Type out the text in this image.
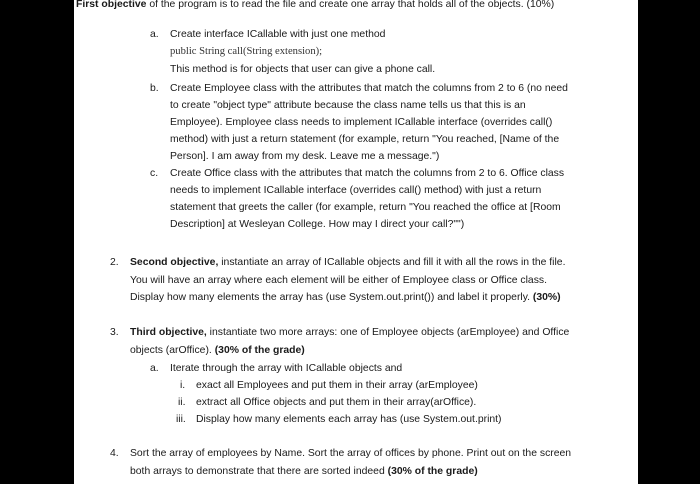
First objective of the program is to read the file and create one array that holds all of the objects. (10%)
a. Create interface ICallable with just one method
public String call(String extension);
This method is for objects that user can give a phone call.
b. Create Employee class with the attributes that match the columns from 2 to 6 (no need
to create "object type" attribute because the class name tells us that this is an
Employee). Employee class needs to implement ICallable interface (overrides call()
method) with just a return statement (for example, return "You reached, [Name of the
Person]. I am away from my desk. Leave me a message.")
c. Create Office class with the attributes that match the columns from 2 to 6. Office class
needs to implement ICallable interface (overrides call() method) with just a return
statement that greets the caller (for example, return "You reached the office at [Room
Description] at Wesleyan College. How may I direct your call?"")
2. Second objective, instantiate an array of ICallable objects and fill it with all the rows in the file.
You will have an array where each element will be either of Employee class or Office class.
Display how many elements the array has (use System.out.print()) and label it properly. (30%)
3. Third objective, instantiate two more arrays: one of Employee objects (arEmployee) and Office
objects (arOffice). (30% of the grade)
a. Iterate through the array with ICallable objects and
i. exact all Employees and put them in their array (arEmployee)
ii. extract all Office objects and put them in their array(arOffice).
iii. Display how many elements each array has (use System.out.print)
4. Sort the array of employees by Name. Sort the array of offices by phone. Print out on the screen
both arrays to demonstrate that there are sorted indeed (30% of the grade)
